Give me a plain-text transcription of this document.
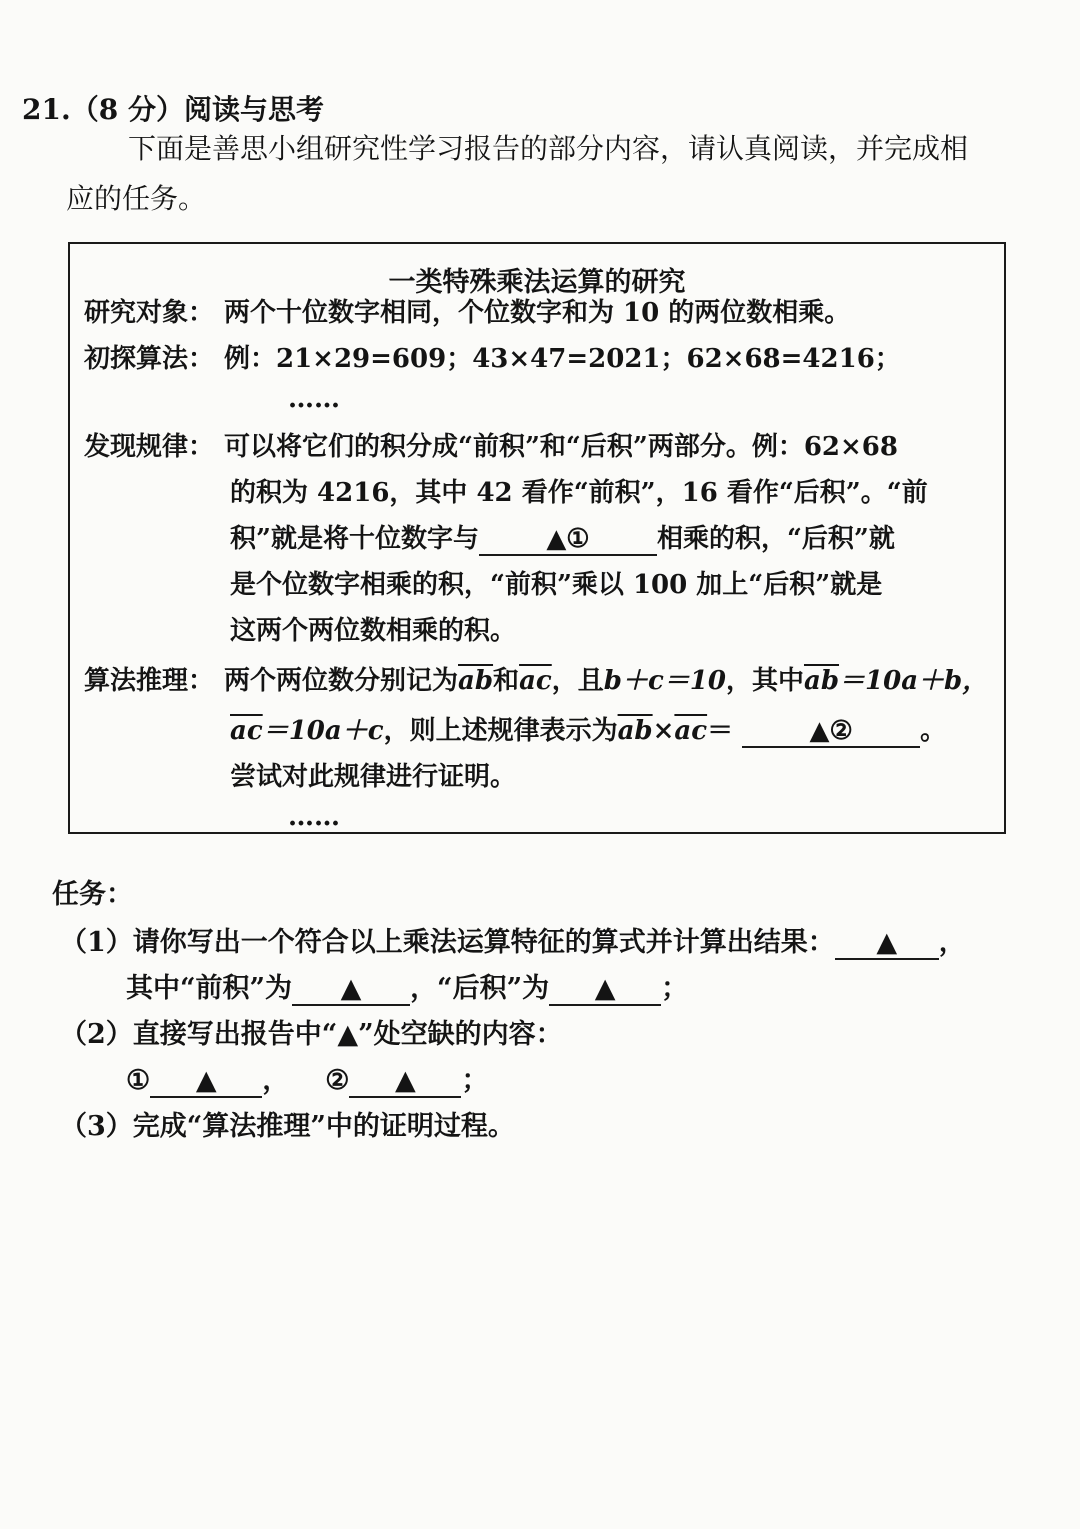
21.（8 分）阅读与思考
下面是善思小组研究性学习报告的部分内容，请认真阅读，并完成相
应的任务。
一类特殊乘法运算的研究
研究对象： 两个十位数字相同，个位数字和为 10 的两位数相乘。
初探算法： 例：21×29=609；43×47=2021；62×68=4216；
……
发现规律： 可以将它们的积分成“前积”和“后积”两部分。例：62×68
的积为 4216，其中 42 看作“前积”，16 看作“后积”。“前
积”就是将十位数字与	▲①	相乘的积，“后积”就
是个位数字相乘的积，“前积”乘以 100 加上“后积”就是
这两个两位数相乘的积。
算法推理： 两个两位数分别记为$\overline{ab}$和$\overline{ac}$，且b＋c＝10，其中$\overline{ab}=10a+b$，
$\overline{ac}=10a+c$，则上述规律表示为$\overline{ab}\times\overline{ac}=$	▲②	。
尝试对此规律进行证明。
……
任务：
（1）请你写出一个符合以上乘法运算特征的算式并计算出结果： ▲ ，
其中“前积”为 ▲ ，“后积”为 ▲ ；
（2）直接写出报告中“▲”处空缺的内容：
① ▲ ， ② ▲ ；
（3）完成“算法推理”中的证明过程。
